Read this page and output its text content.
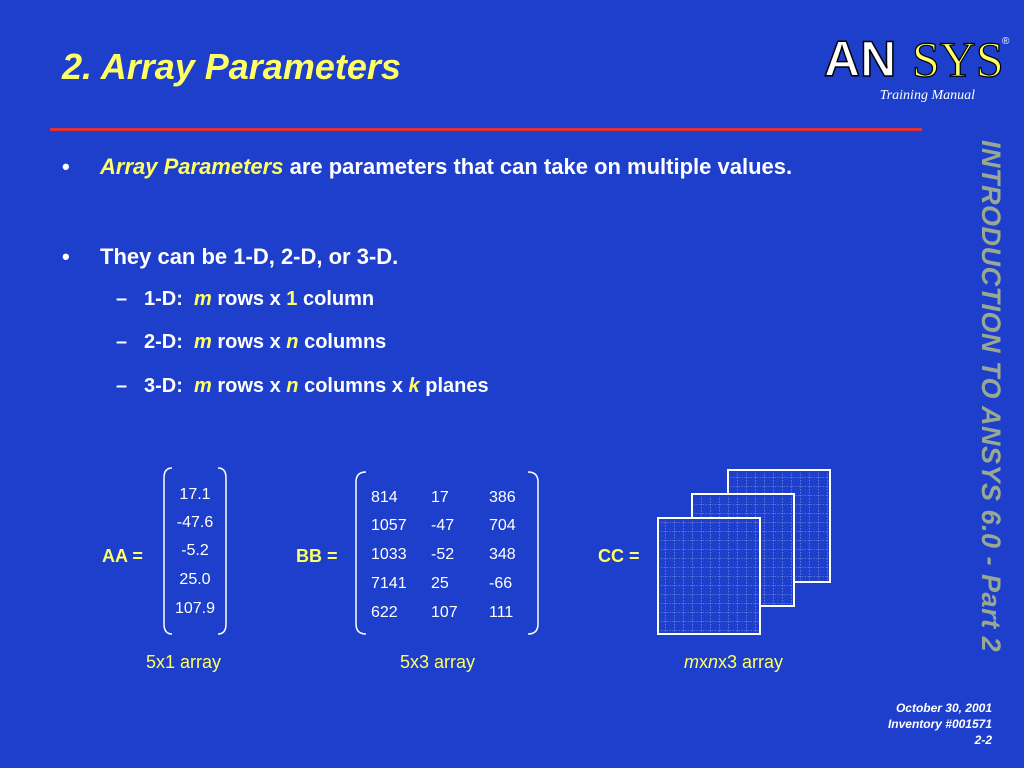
2. Array Parameters	AN SYS
®
Training Manual
INTRODUCTION TO ANSYS 6.0 - Part 2
• Array Parameters are parameters that can take on multiple values.
• They can be 1-D, 2-D, or 3-D.
– 1-D: m rows x 1 column
– 2-D: m rows x n columns
– 3-D: m rows x n columns x k planes
AA =
17.1
-47.6
-5.2
25.0
107.9
5x1 array
BB =
814 17	386
1057 -47 704
1033 -52 348
7141 25	-66
622 107 111
5x3 array
CC =
mxnx3 array
October 30, 2001
Inventory #001571
2-2
